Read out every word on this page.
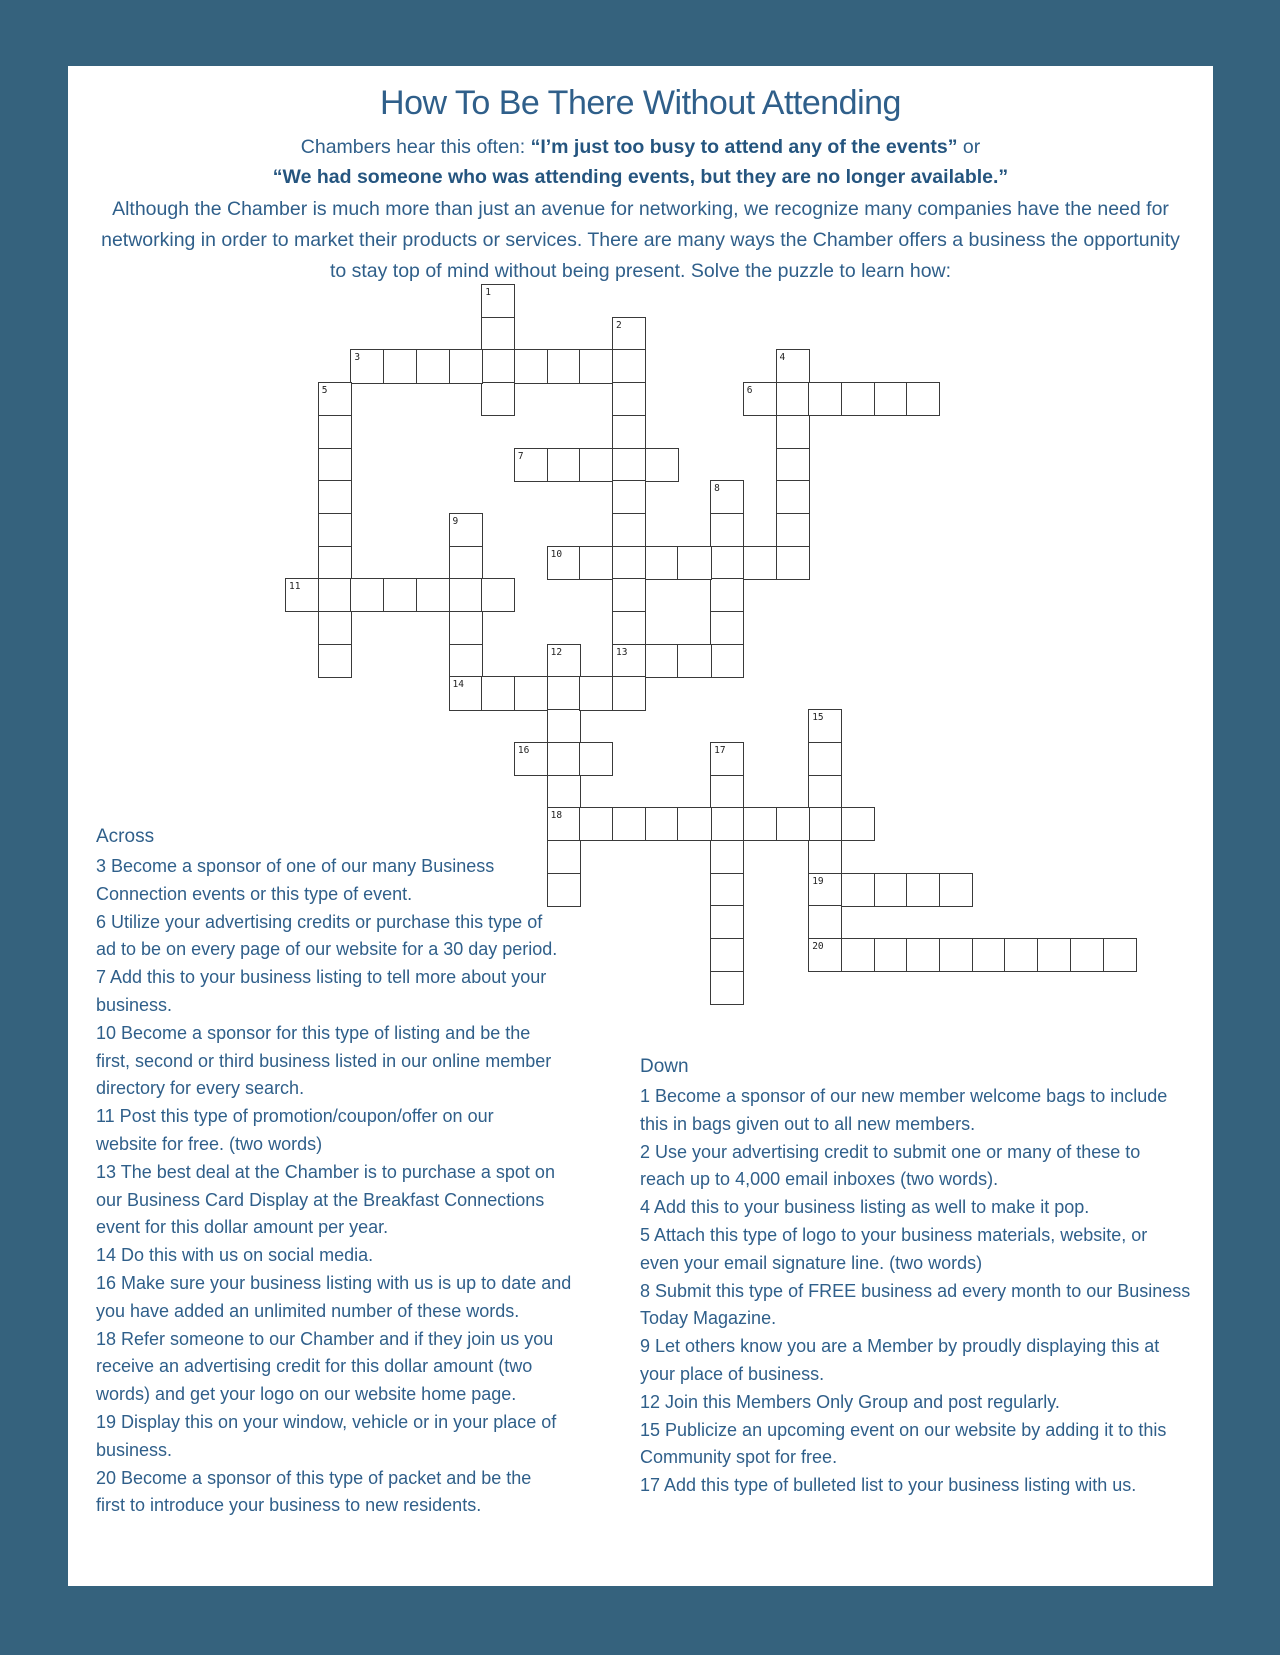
How To Be There Without Attending
Chambers hear this often: “I’m just too busy to attend any of the events” or
“We had someone who was attending events, but they are no longer available.”
Although the Chamber is much more than just an avenue for networking, we recognize many companies have the need for
networking in order to market their products or services. There are many ways the Chamber offers a business the opportunity
to stay top of mind without being present. Solve the puzzle to learn how:
1
2
3	4
5	6
7
8
9
10
11
12	13
14
15
16	17
18
19
20
Across
3 Become a sponsor of one of our many Business
Connection events or this type of event.
6 Utilize your advertising credits or purchase this type of
ad to be on every page of our website for a 30 day period.
7 Add this to your business listing to tell more about your
business.
10 Become a sponsor for this type of listing and be the
first, second or third business listed in our online member
directory for every search.
11 Post this type of promotion/coupon/offer on our
website for free. (two words)
13 The best deal at the Chamber is to purchase a spot on
our Business Card Display at the Breakfast Connections
event for this dollar amount per year.
14 Do this with us on social media.
16 Make sure your business listing with us is up to date and
you have added an unlimited number of these words.
18 Refer someone to our Chamber and if they join us you
receive an advertising credit for this dollar amount (two
words) and get your logo on our website home page.
19 Display this on your window, vehicle or in your place of
business.
20 Become a sponsor of this type of packet and be the
first to introduce your business to new residents.
Down
1 Become a sponsor of our new member welcome bags to include
this in bags given out to all new members.
2 Use your advertising credit to submit one or many of these to
reach up to 4,000 email inboxes (two words).
4 Add this to your business listing as well to make it pop.
5 Attach this type of logo to your business materials, website, or
even your email signature line. (two words)
8 Submit this type of FREE business ad every month to our Business
Today Magazine.
9 Let others know you are a Member by proudly displaying this at
your place of business.
12 Join this Members Only Group and post regularly.
15 Publicize an upcoming event on our website by adding it to this
Community spot for free.
17 Add this type of bulleted list to your business listing with us.
